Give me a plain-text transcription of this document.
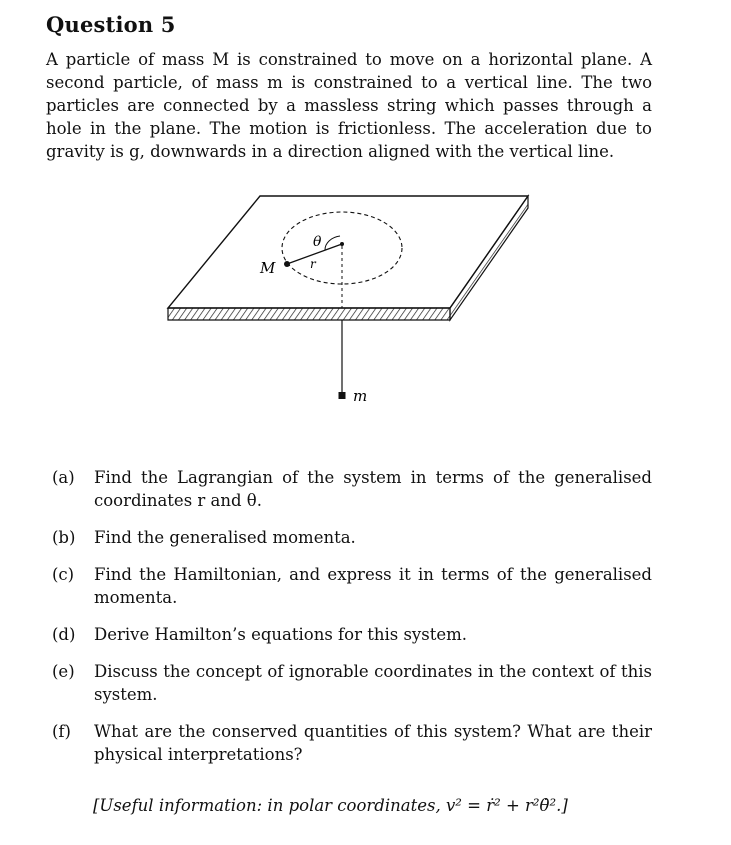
Question 5

A particle of mass M is constrained to move on a horizontal plane. A second particle, of mass m is constrained to a vertical line. The two particles are connected by a massless string which passes through a hole in the plane. The motion is frictionless. The acceleration due to gravity is g, downwards in a direction aligned with the vertical line.

M	r
θ
m
(a) Find the Lagrangian of the system in terms of the generalised coordinates r and θ.
(b) Find the generalised momenta.
(c) Find the Hamiltonian, and express it in terms of the generalised momenta.
(d) Derive Hamilton’s equations for this system.
(e) Discuss the concept of ignorable coordinates in the context of this system.
(f) What are the conserved quantities of this system? What are their physical interpretations?
[Useful information: in polar coordinates, v² = ṙ² + r²θ̇².]
